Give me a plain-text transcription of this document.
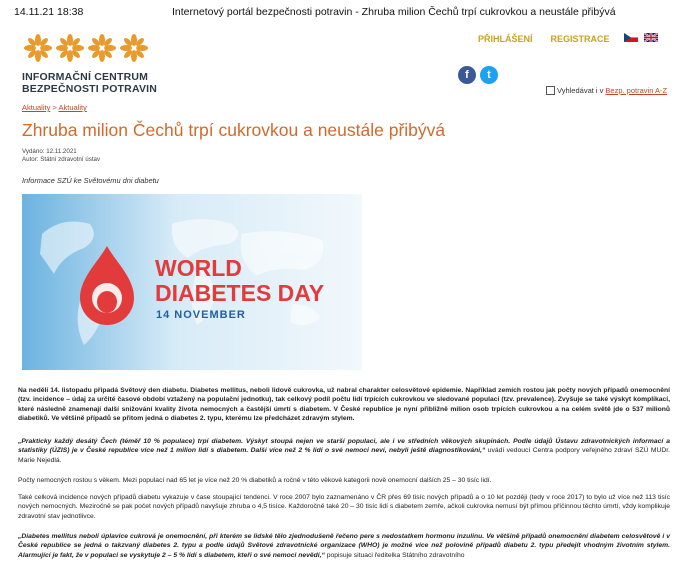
14.11.21 18:38	Internetový portál bezpečnosti potravin - Zhruba milion Čechů trpí cukrovkou a neustále přibývá
INFORMAČNÍ CENTRUM
BEZPEČNOSTI POTRAVIN
PŘIHLÁŠENÍ REGISTRACE
f	t
Vyhledávat i v Bezp. potravin A-Z
Aktuality > Aktuality
Zhruba milion Čechů trpí cukrovkou a neustále přibývá
Vydáno: 12.11.2021
Autor: Státní zdravotní ústav
Informace SZÚ ke Světovému dni diabetu
WORLD
DIABETES DAY
14 NOVEMBER
Na neděli 14. listopadu připadá Světový den diabetu. Diabetes mellitus, neboli lidově cukrovka, už nabral charakter celosvětové epidemie. Například zemích rostou jak počty nových případů onemocnění (tzv. incidence – údaj za určité časové období vztažený na populační jednotku), tak celkový podíl počtu lidí trpících cukrovkou ve sledované populaci (tzv. prevalence). Zvyšuje se také výskyt komplikací, které následně znamenají další snižování kvality života nemocných a častější úmrtí s diabetem. V České republice je nyní přibližně milion osob trpících cukrovkou a na celém světě jde o 537 milionů diabetiků. Ve většině případů se přitom jedná o diabetes 2. typu, kterému lze předcházet zdravým stylem.
„Prakticky každý desátý Čech (téměř 10 % populace) trpí diabetem. Výskyt stoupá nejen ve starší populaci, ale i ve středních věkových skupinách. Podle údajů Ústavu zdravotnických informací a statistiky (ÚZIS) je v České republice více než 1 milion lidí s diabetem. Další více než 2 % lidí o své nemoci neví, nebyli ještě diagnostikováni,“ uvádí vedoucí Centra podpory veřejného zdraví SZÚ MUDr. Marie Nejedlá.
Počty nemocných rostou s věkem. Mezi populací nad 65 let je více než 20 % diabetiků a ročně v této věkové kategorii nově onemocní dalších 25 – 30 tisíc lidí.
Také celková incidence nových případů diabetu vykazuje v čase stoupající tendenci. V roce 2007 bylo zaznamenáno v ČR přes 69 tisíc nových případů a o 10 let později (tedy v roce 2017) to bylo už více než 113 tisíc nových nemocných. Meziročně se pak počet nových případů navyšuje zhruba o 4,5 tisíce. Každoročně také 20 – 30 tisíc lidí s diabetem zemře, ačkoli cukrovka nemusí být přímou příčinnou těchto úmrtí, vždy komplikuje zdravotní stav jednotlivce.
„Diabetes mellitus neboli úplavice cukrová je onemocnění, při kterém se lidské tělo zjednodušeně řečeno pere s nedostatkem hormonu inzulinu. Ve většině případů onemocnění diabetem celosvětově i v České republice se jedná o takzvaný diabetes 2. typu a podle údajů Světové zdravotnické organizace (WHO) je možné více než polovině případů diabetu 2. typu předejít vhodným životním stylem. Alarmující je fakt, že v populaci se vyskytuje 2 – 5 % lidí s diabetem, kteří o své nemoci nevědí,“ popisuje situaci ředitelka Státního zdravotního
